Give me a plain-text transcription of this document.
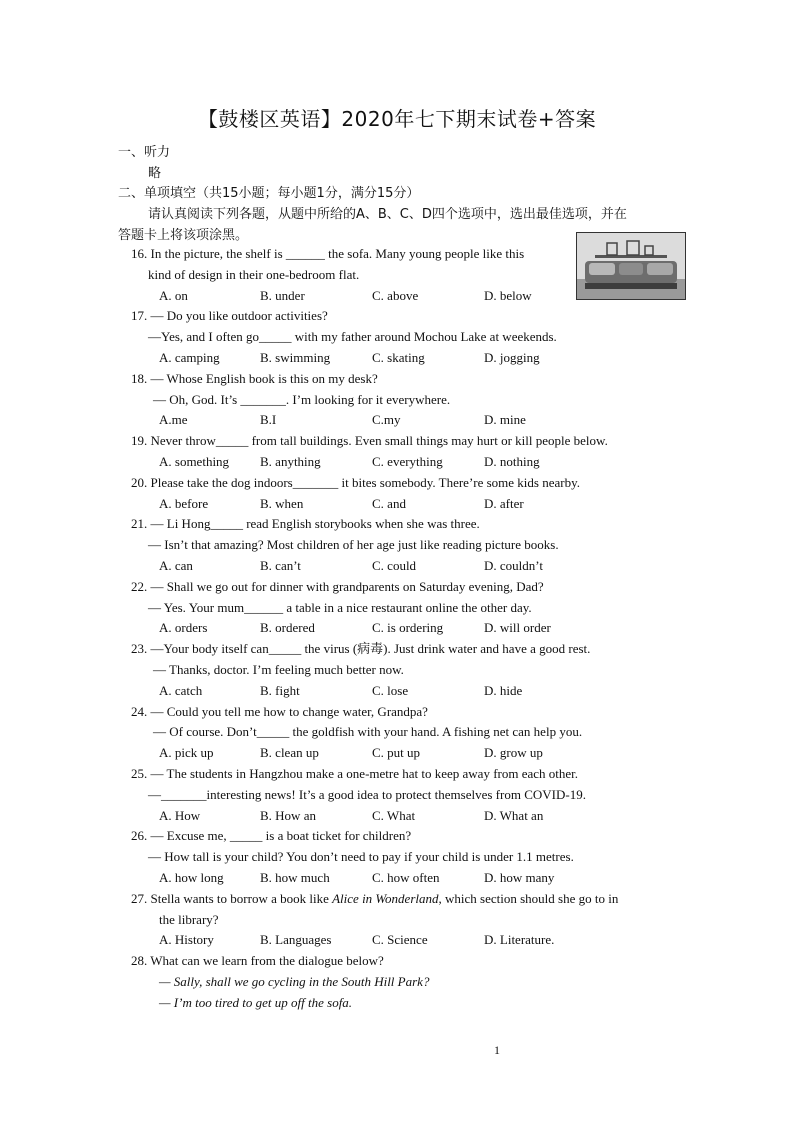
【鼓楼区英语】2020年七下期末试卷+答案
一、听力
略
二、单项填空（共15小题；每小题1分，满分15分）
请认真阅读下列各题，从题中所给的A、B、C、D四个选项中，选出最佳选项，并在
答题卡上将该项涂黑。
16. In the picture, the shelf is ______ the sofa. Many young people like this
kind of design in their one-bedroom flat.
A. on	B. under	C. above	D. below
17. — Do you like outdoor activities?
—Yes, and I often go_____ with my father around Mochou Lake at weekends.
A. camping	B. swimming	C. skating	D. jogging
18. — Whose English book is this on my desk?
— Oh, God. It’s _______. I’m looking for it everywhere.
A.me	B.I	C.my	D. mine
19. Never throw_____ from tall buildings. Even small things may hurt or kill people below.
A. something B. anything	C. everything	D. nothing
20. Please take the dog indoors_______ it bites somebody. There’re some kids nearby.
A. before	B. when	C. and	D. after
21. — Li Hong_____ read English storybooks when she was three.
— Isn’t that amazing? Most children of her age just like reading picture books.
A. can	B. can’t	C. could	D. couldn’t
22. — Shall we go out for dinner with grandparents on Saturday evening, Dad?
— Yes. Your mum______ a table in a nice restaurant online the other day.
A. orders	B. ordered	C. is ordering	D. will order
23. —Your body itself can_____ the virus (病毒). Just drink water and have a good rest.
— Thanks, doctor. I’m feeling much better now.
A. catch	B. fight	C. lose	D. hide
24. — Could you tell me how to change water, Grandpa?
— Of course. Don’t_____ the goldfish with your hand. A fishing net can help you.
A. pick up	B. clean up	C. put up	D. grow up
25. — The students in Hangzhou make a one-metre hat to keep away from each other.
—_______interesting news! It’s a good idea to protect themselves from COVID-19.
A. How	B. How an	C. What	D. What an
26. — Excuse me, _____ is a boat ticket for children?
— How tall is your child? You don’t need to pay if your child is under 1.1 metres.
A. how long	B. how much	C. how often	D. how many
27. Stella wants to borrow a book like Alice in Wonderland, which section should she go to in
the library?
A. History	B. Languages	C. Science	D. Literature.
28. What can we learn from the dialogue below?
— Sally, shall we go cycling in the South Hill Park?
— I’m too tired to get up off the sofa.
1
